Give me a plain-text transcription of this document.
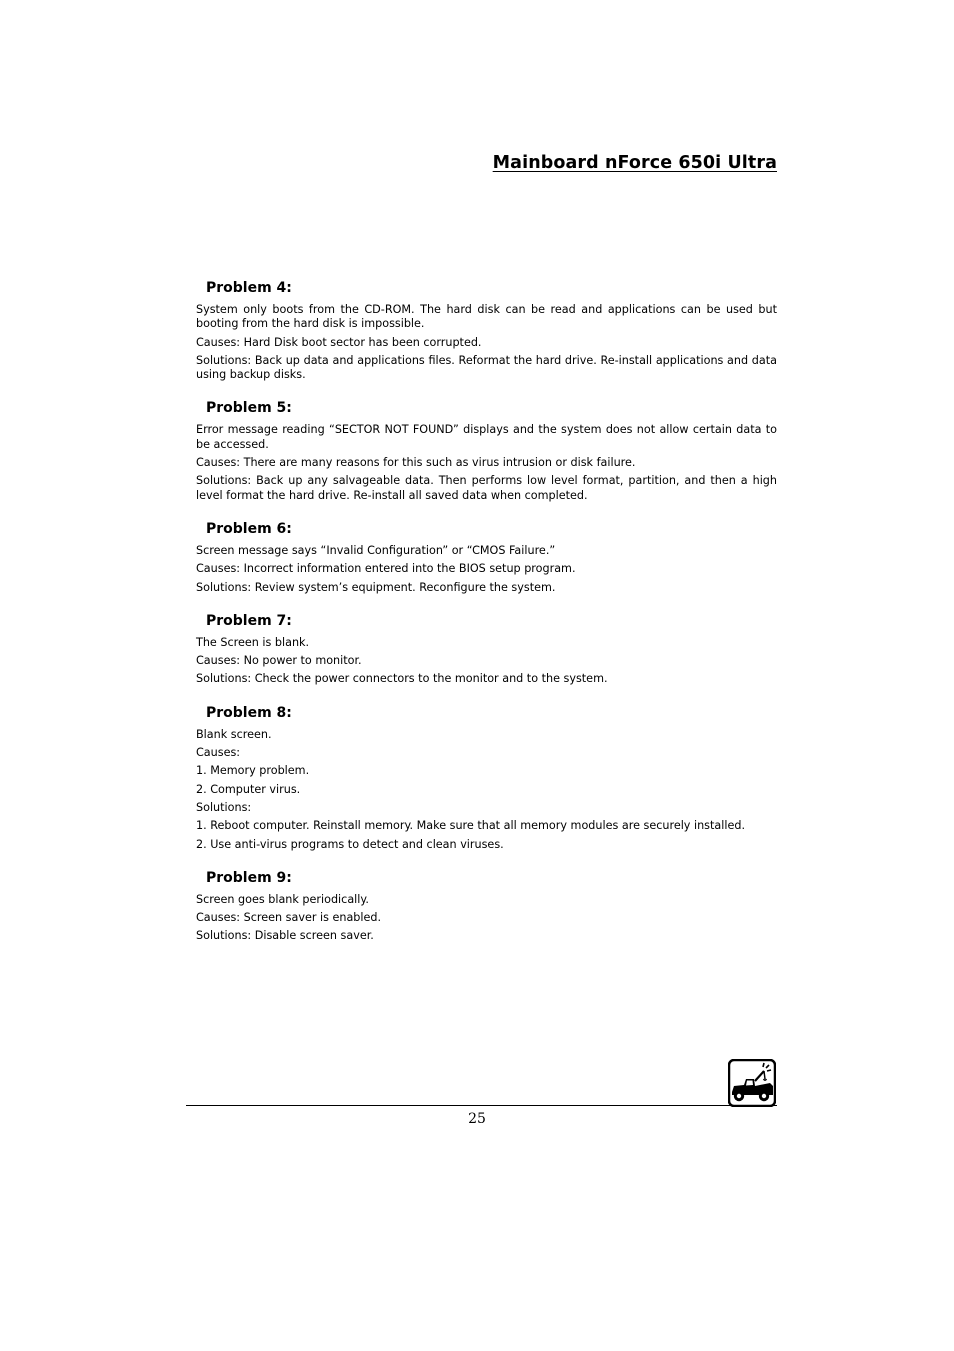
Mainboard nForce 650i Ultra
Problem 4:

System only boots from the CD-ROM. The hard disk can be read and applications can be used but booting from the hard disk is impossible.

Causes: Hard Disk boot sector has been corrupted.

Solutions: Back up data and applications files. Reformat the hard drive. Re-install applications and data using backup disks.

Problem 5:

Error message reading “SECTOR NOT FOUND” displays and the system does not allow certain data to be accessed.

Causes: There are many reasons for this such as virus intrusion or disk failure.

Solutions: Back up any salvageable data. Then performs low level format, partition, and then a high level format the hard drive. Re-install all saved data when completed.

Problem 6:

Screen message says “Invalid Configuration” or “CMOS Failure.”

Causes: Incorrect information entered into the BIOS setup program.

Solutions: Review system’s equipment. Reconfigure the system.

Problem 7:

The Screen is blank.

Causes: No power to monitor.

Solutions: Check the power connectors to the monitor and to the system.

Problem 8:

Blank screen.

Causes:

1. Memory problem.

2. Computer virus.

Solutions:

1. Reboot computer. Reinstall memory. Make sure that all memory modules are securely installed.

2. Use anti-virus programs to detect and clean viruses.

Problem 9:

Screen goes blank periodically.

Causes: Screen saver is enabled.

Solutions: Disable screen saver.

25
